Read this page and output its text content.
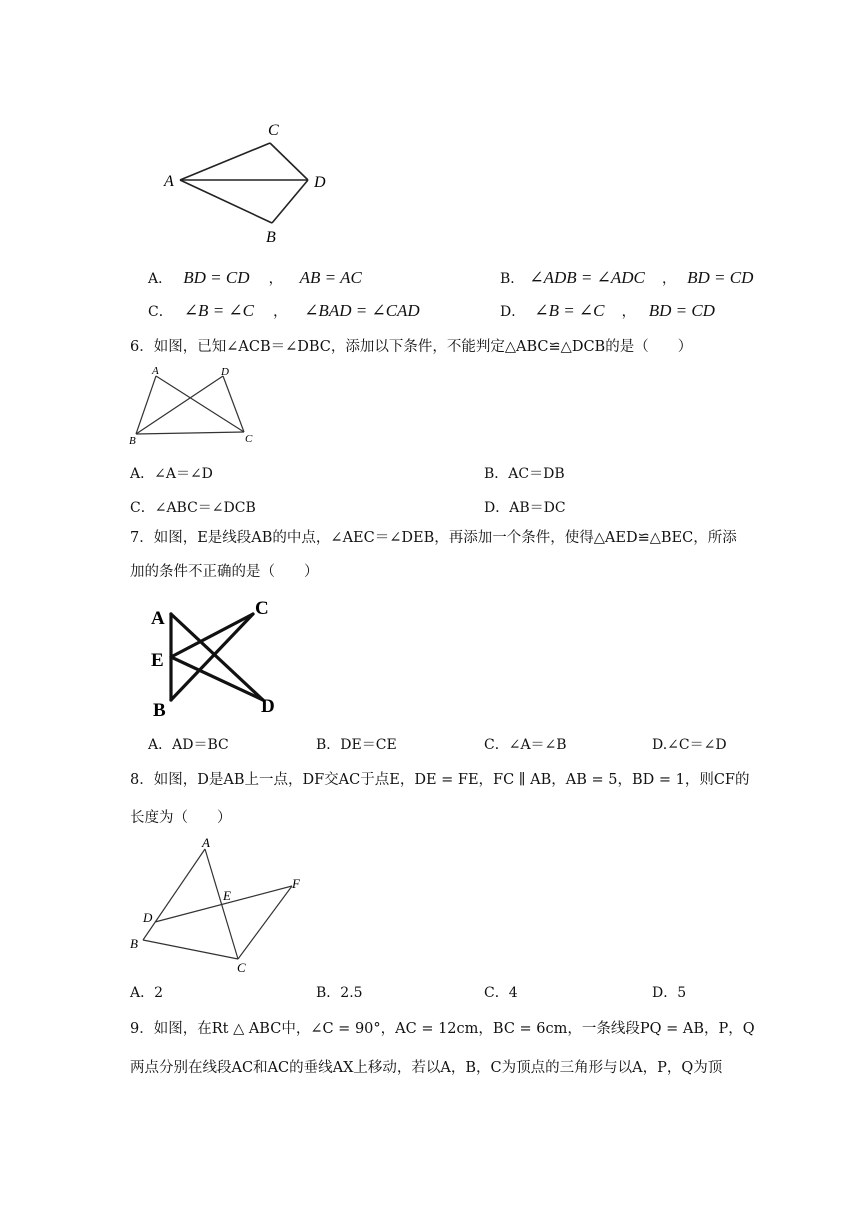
C
A	D
B
A． BD = CD ， AB = AC	B． ∠ADB = ∠ADC ， BD = CD
C． ∠B = ∠C ， ∠BAD = ∠CAD	D． ∠B = ∠C ， BD = CD
6．如图，已知∠ACB＝∠DBC，添加以下条件，不能判定△ABC≌△DCB的是（　　）
A	D
B	C
A．∠A＝∠D	B．AC＝DB
C．∠ABC＝∠DCB	D．AB＝DC
7．如图，E是线段AB的中点，∠AEC＝∠DEB，再添加一个条件，使得△AED≌△BEC，所添
加的条件不正确的是（　　）
A
E
B
C
D
A．AD＝BC	B．DE＝CE	C．∠A＝∠B	D.∠C＝∠D
8．如图，D是AB上一点，DF交AC于点E，DE = FE，FC ∥ AB，AB = 5，BD = 1，则CF的
长度为（　　）
A
D
B
E
F
C
A．2	B．2.5	C．4	D．5
9．如图，在Rt △ ABC中，∠C = 90°，AC = 12cm，BC = 6cm，一条线段PQ = AB，P，Q
两点分别在线段AC和AC的垂线AX上移动，若以A，B，C为顶点的三角形与以A，P，Q为顶
